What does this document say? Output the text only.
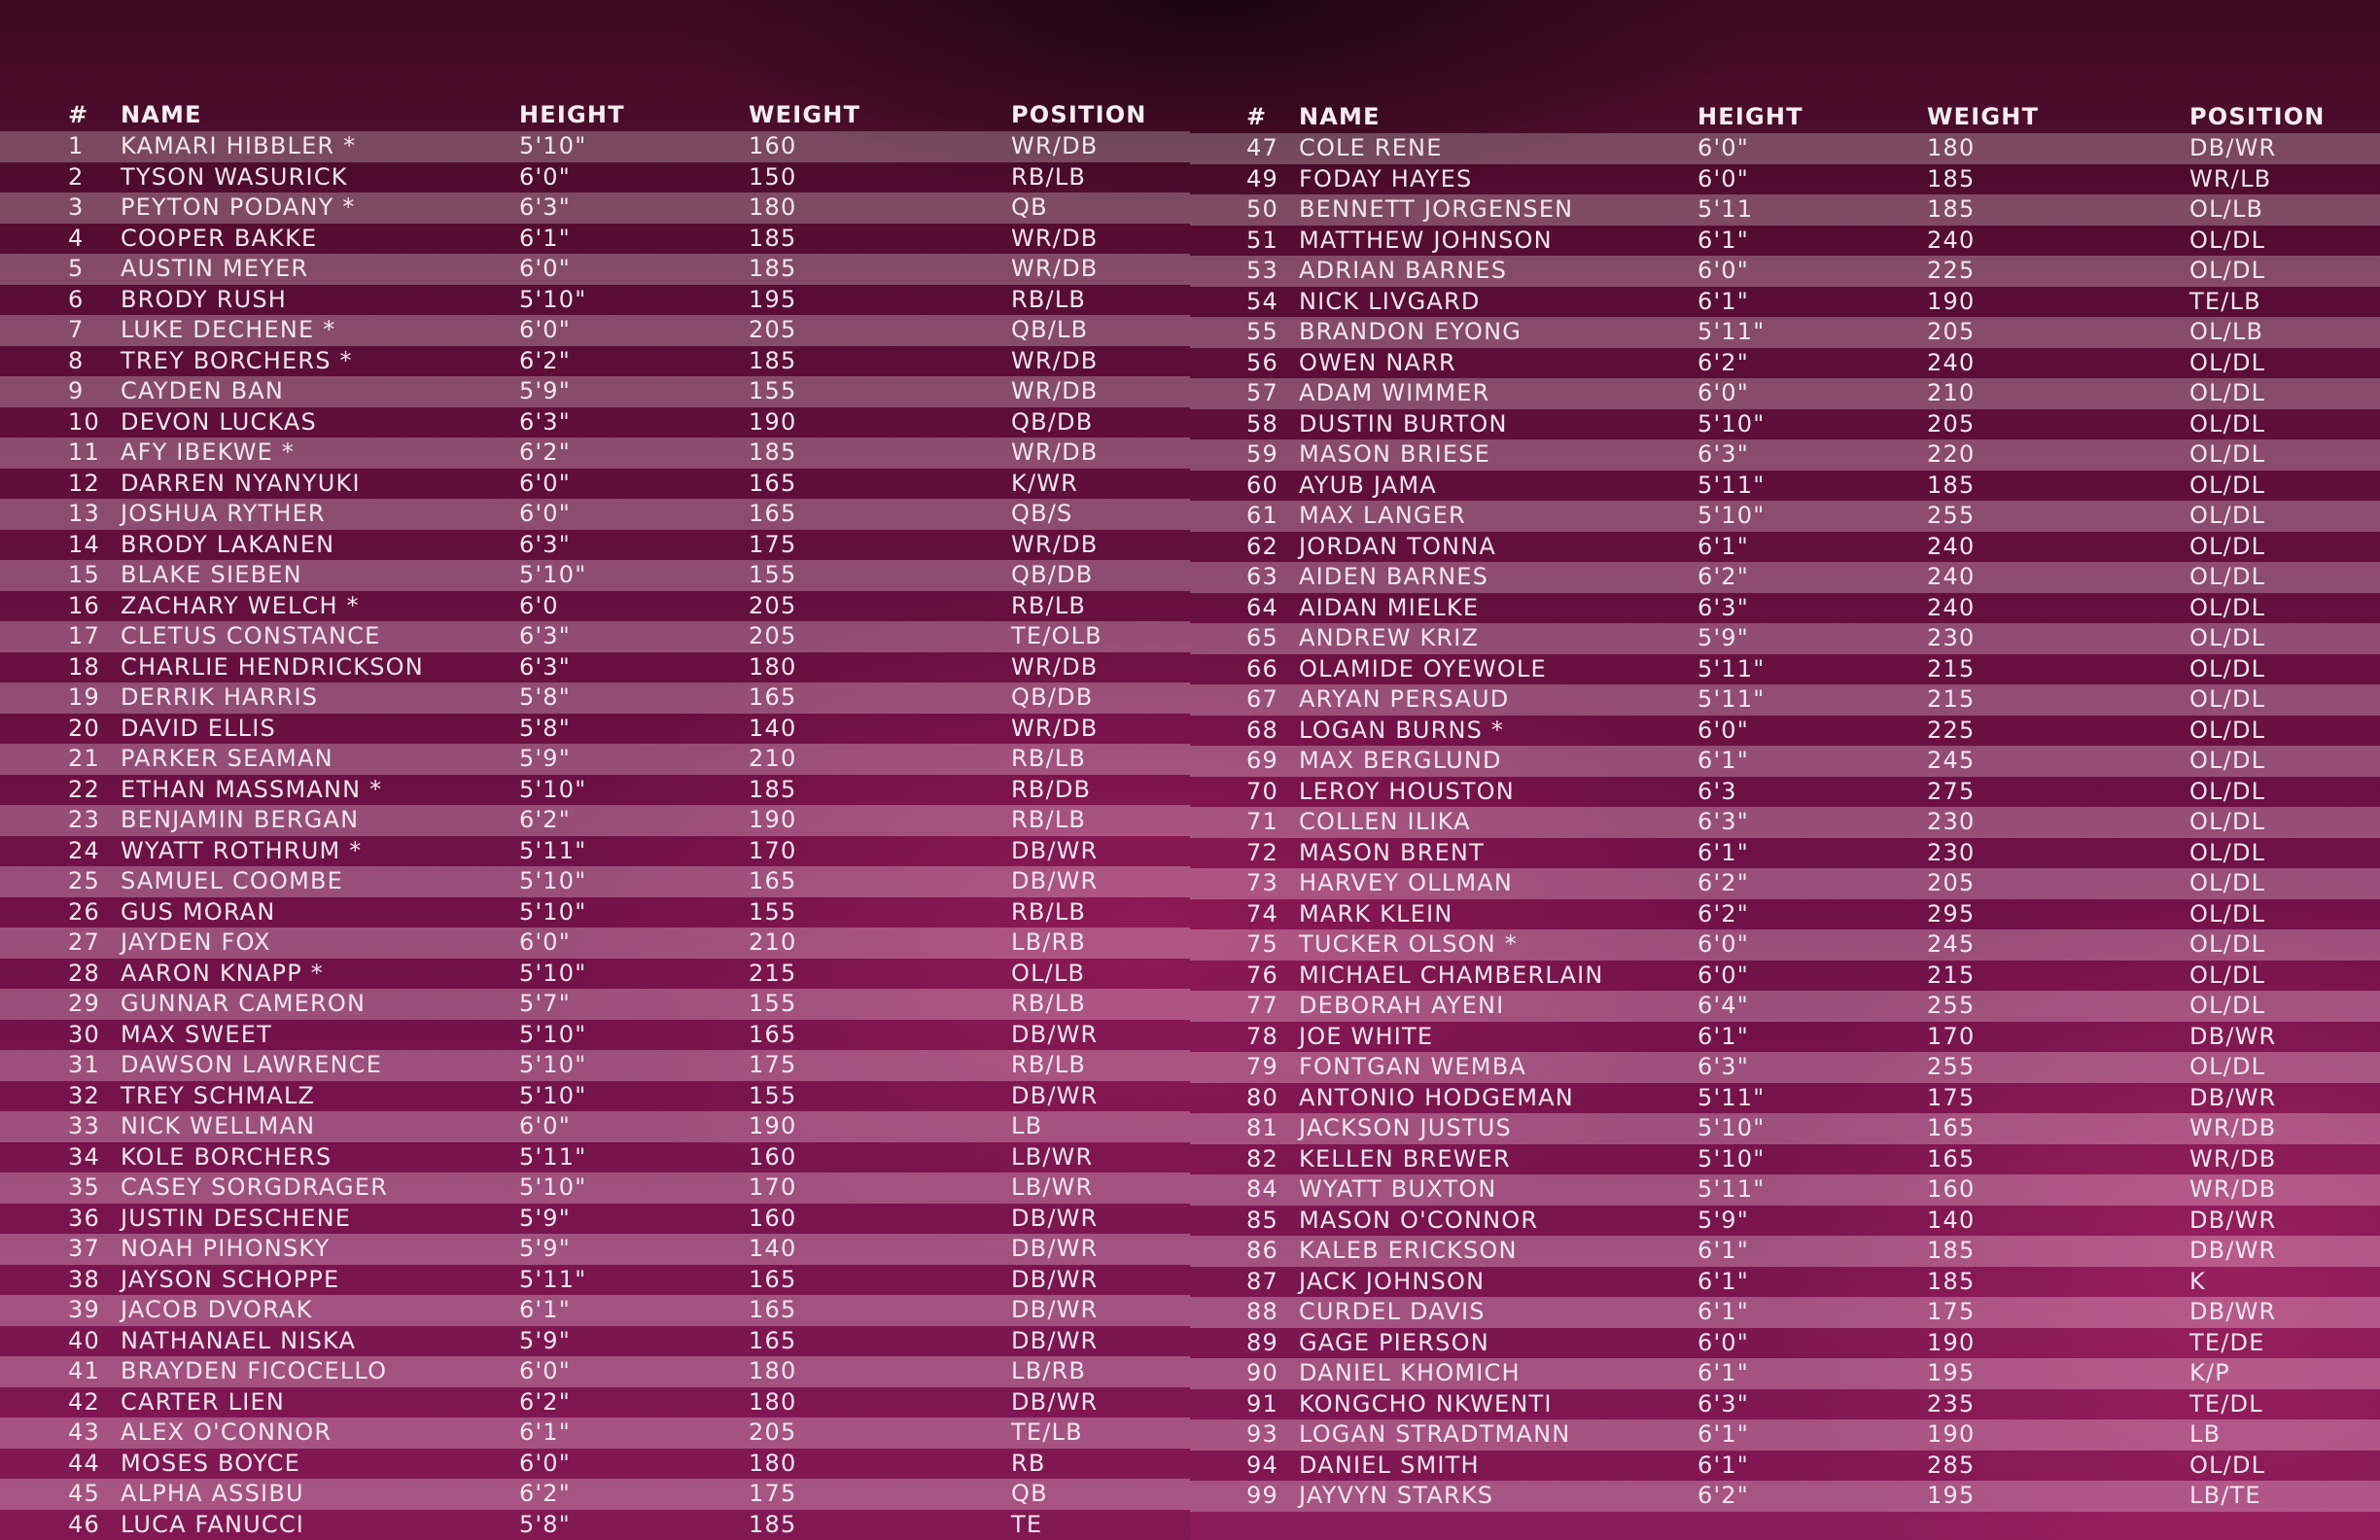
# NAME	HEIGHT	WEIGHT	POSITION
1 KAMARI HIBBLER *	5'10"	160	WR/DB
2 TYSON WASURICK	6'0"	150	RB/LB
3 PEYTON PODANY *	6'3"	180	QB
4 COOPER BAKKE	6'1"	185	WR/DB
5 AUSTIN MEYER	6'0"	185	WR/DB
6 BRODY RUSH	5'10"	195	RB/LB
7 LUKE DECHENE *	6'0"	205	QB/LB
8 TREY BORCHERS *	6'2"	185	WR/DB
9 CAYDEN BAN	5'9"	155	WR/DB
10 DEVON LUCKAS	6'3"	190	QB/DB
11 AFY IBEKWE *	6'2"	185	WR/DB
12 DARREN NYANYUKI	6'0"	165	K/WR
13 JOSHUA RYTHER	6'0"	165	QB/S
14 BRODY LAKANEN	6'3"	175	WR/DB
15 BLAKE SIEBEN	5'10"	155	QB/DB
16 ZACHARY WELCH *	6'0	205	RB/LB
17 CLETUS CONSTANCE	6'3"	205	TE/OLB
18 CHARLIE HENDRICKSON	6'3"	180	WR/DB
19 DERRIK HARRIS	5'8"	165	QB/DB
20 DAVID ELLIS	5'8"	140	WR/DB
21 PARKER SEAMAN	5'9"	210	RB/LB
22 ETHAN MASSMANN *	5'10"	185	RB/DB
23 BENJAMIN BERGAN	6'2"	190	RB/LB
24 WYATT ROTHRUM *	5'11"	170	DB/WR
25 SAMUEL COOMBE	5'10"	165	DB/WR
26 GUS MORAN	5'10"	155	RB/LB
27 JAYDEN FOX	6'0"	210	LB/RB
28 AARON KNAPP *	5'10"	215	OL/LB
29 GUNNAR CAMERON	5'7"	155	RB/LB
30 MAX SWEET	5'10"	165	DB/WR
31 DAWSON LAWRENCE	5'10"	175	RB/LB
32 TREY SCHMALZ	5'10"	155	DB/WR
33 NICK WELLMAN	6'0"	190	LB
34 KOLE BORCHERS	5'11"	160	LB/WR
35 CASEY SORGDRAGER	5'10"	170	LB/WR
36 JUSTIN DESCHENE	5'9"	160	DB/WR
37 NOAH PIHONSKY	5'9"	140	DB/WR
38 JAYSON SCHOPPE	5'11"	165	DB/WR
39 JACOB DVORAK	6'1"	165	DB/WR
40 NATHANAEL NISKA	5'9"	165	DB/WR
41 BRAYDEN FICOCELLO	6'0"	180	LB/RB
42 CARTER LIEN	6'2"	180	DB/WR
43 ALEX O'CONNOR	6'1"	205	TE/LB
44 MOSES BOYCE	6'0"	180	RB
45 ALPHA ASSIBU	6'2"	175	QB
46 LUCA FANUCCI	5'8"	185	TE
# NAME	HEIGHT	WEIGHT	POSITION
47 COLE RENE	6'0"	180	DB/WR
49 FODAY HAYES	6'0"	185	WR/LB
50 BENNETT JORGENSEN	5'11	185	OL/LB
51 MATTHEW JOHNSON	6'1"	240	OL/DL
53 ADRIAN BARNES	6'0"	225	OL/DL
54 NICK LIVGARD	6'1"	190	TE/LB
55 BRANDON EYONG	5'11"	205	OL/LB
56 OWEN NARR	6'2"	240	OL/DL
57 ADAM WIMMER	6'0"	210	OL/DL
58 DUSTIN BURTON	5'10"	205	OL/DL
59 MASON BRIESE	6'3"	220	OL/DL
60 AYUB JAMA	5'11"	185	OL/DL
61 MAX LANGER	5'10"	255	OL/DL
62 JORDAN TONNA	6'1"	240	OL/DL
63 AIDEN BARNES	6'2"	240	OL/DL
64 AIDAN MIELKE	6'3"	240	OL/DL
65 ANDREW KRIZ	5'9"	230	OL/DL
66 OLAMIDE OYEWOLE	5'11"	215	OL/DL
67 ARYAN PERSAUD	5'11"	215	OL/DL
68 LOGAN BURNS *	6'0"	225	OL/DL
69 MAX BERGLUND	6'1"	245	OL/DL
70 LEROY HOUSTON	6'3	275	OL/DL
71 COLLEN ILIKA	6'3"	230	OL/DL
72 MASON BRENT	6'1"	230	OL/DL
73 HARVEY OLLMAN	6'2"	205	OL/DL
74 MARK KLEIN	6'2"	295	OL/DL
75 TUCKER OLSON *	6'0"	245	OL/DL
76 MICHAEL CHAMBERLAIN	6'0"	215	OL/DL
77 DEBORAH AYENI	6'4"	255	OL/DL
78 JOE WHITE	6'1"	170	DB/WR
79 FONTGAN WEMBA	6'3"	255	OL/DL
80 ANTONIO HODGEMAN	5'11"	175	DB/WR
81 JACKSON JUSTUS	5'10"	165	WR/DB
82 KELLEN BREWER	5'10"	165	WR/DB
84 WYATT BUXTON	5'11"	160	WR/DB
85 MASON O'CONNOR	5'9"	140	DB/WR
86 KALEB ERICKSON	6'1"	185	DB/WR
87 JACK JOHNSON	6'1"	185	K
88 CURDEL DAVIS	6'1"	175	DB/WR
89 GAGE PIERSON	6'0"	190	TE/DE
90 DANIEL KHOMICH	6'1"	195	K/P
91 KONGCHO NKWENTI	6'3"	235	TE/DL
93 LOGAN STRADTMANN	6'1"	190	LB
94 DANIEL SMITH	6'1"	285	OL/DL
99 JAYVYN STARKS	6'2"	195	LB/TE
